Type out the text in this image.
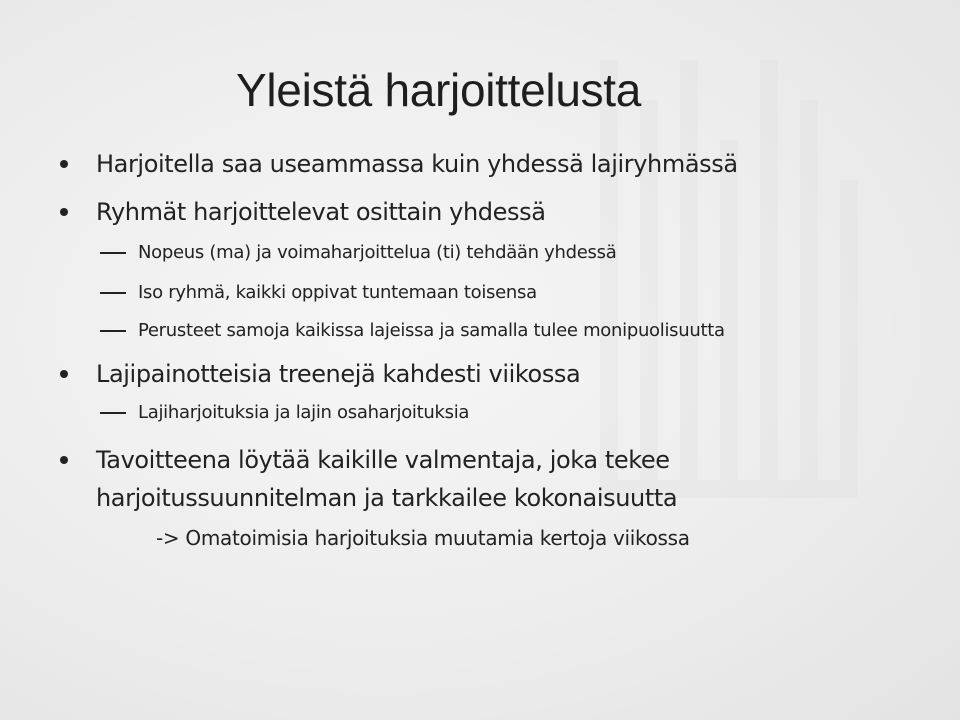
Yleistä harjoittelusta
Harjoitella saa useammassa kuin yhdessä lajiryhmässä
Ryhmät harjoittelevat osittain yhdessä
Nopeus (ma) ja voimaharjoittelua (ti) tehdään yhdessä
Iso ryhmä, kaikki oppivat tuntemaan toisensa
Perusteet samoja kaikissa lajeissa ja samalla tulee monipuolisuutta
Lajipainotteisia treenejä kahdesti viikossa
Lajiharjoituksia ja lajin osaharjoituksia
Tavoitteena löytää kaikille valmentaja, joka tekee
harjoitussuunnitelman ja tarkkailee kokonaisuutta
-> Omatoimisia harjoituksia muutamia kertoja viikossa
